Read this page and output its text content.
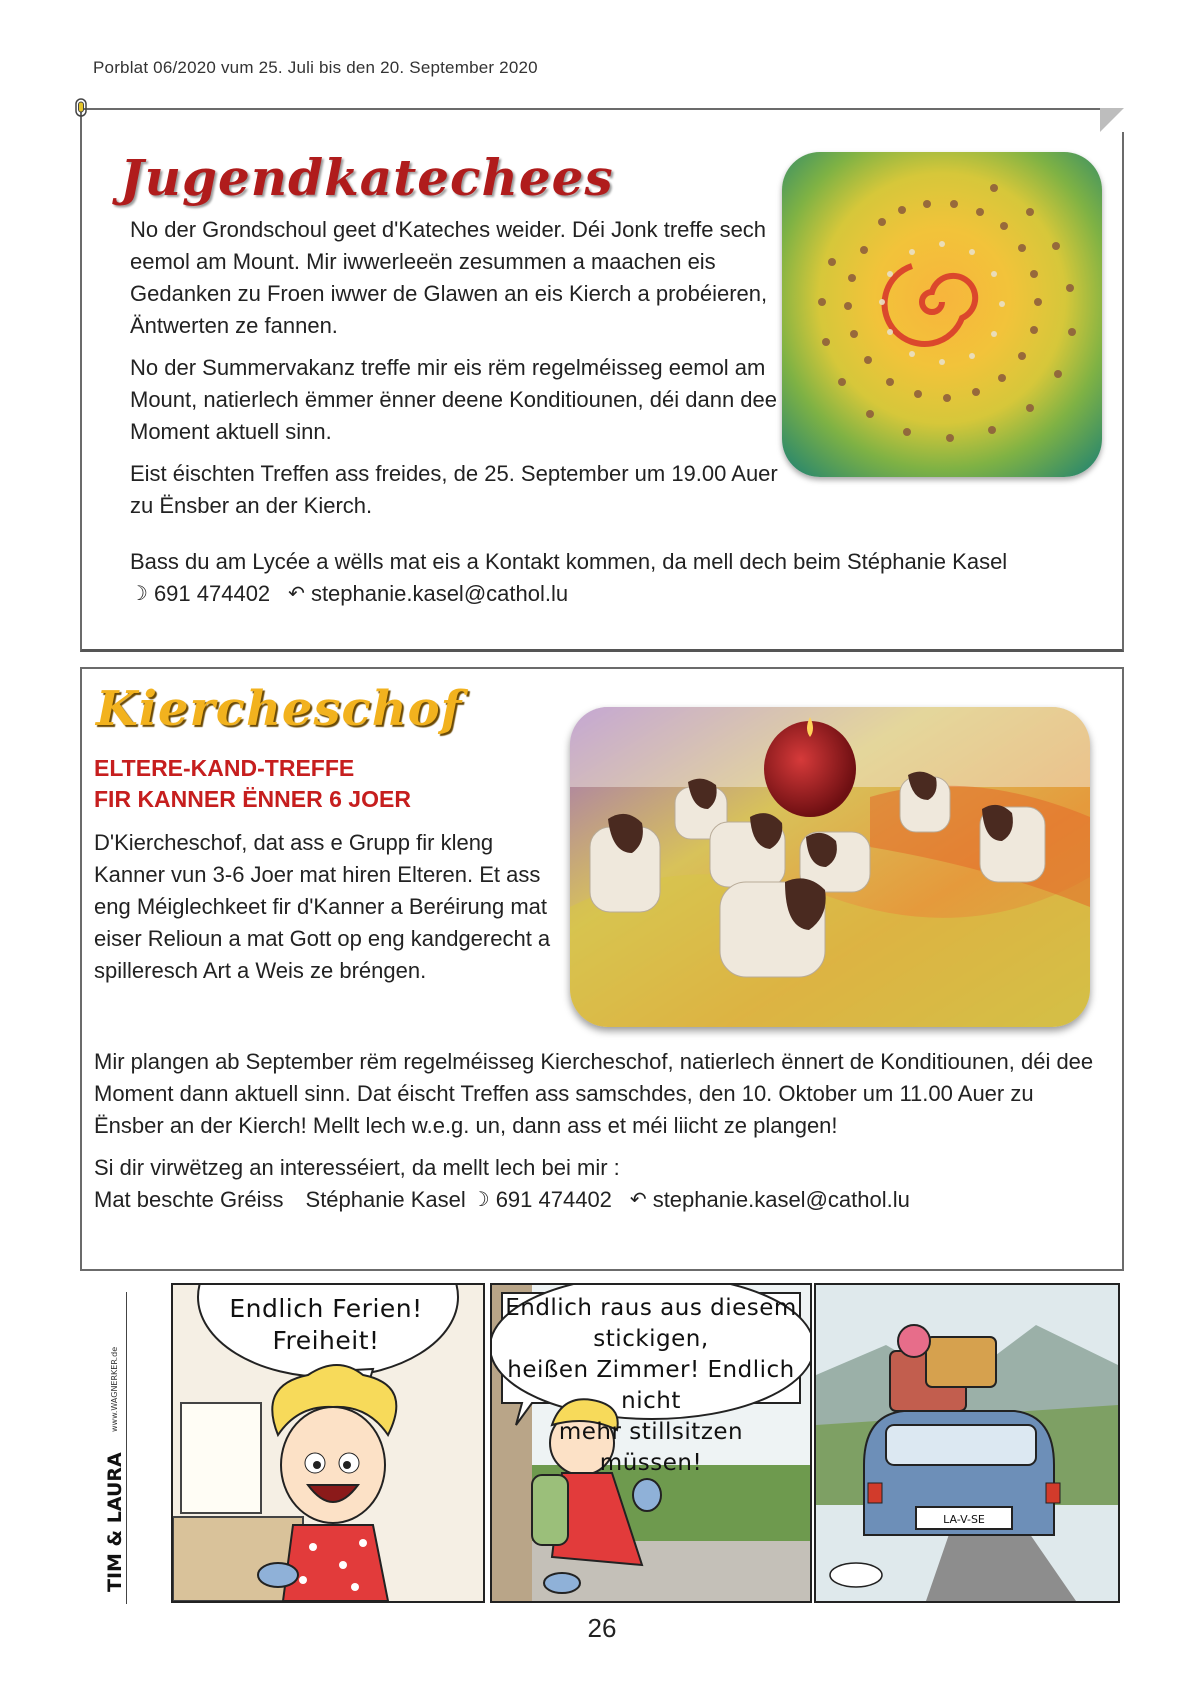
Porblat 06/2020 vum 25. Juli bis den 20. September 2020
Jugendkatechees

No der Grondschoul geet d'Kateches weider. Déi Jonk treffe sech eemol am Mount. Mir iwwerleeën zesummen a maachen eis Gedanken zu Froen iwwer de Glawen an eis Kierch a probéieren, Äntwerten ze fannen.

No der Summervakanz treffe mir eis rëm regelméisseg eemol am Mount, natierlech ëmmer ënner deene Konditiounen, déi dann dee Moment aktuell sinn.

Eist éischten Treffen ass freides, de 25. September um 19.00 Auer zu Ënsber an der Kierch.

Bass du am Lycée a wëlls mat eis a Kontakt kommen, da mell dech beim Stéphanie Kasel
☽ 691 474402 ↶ stephanie.kasel@cathol.lu
Kiercheschof
ELTERE-KAND-TREFFE
FIR KANNER ËNNER 6 JOER
D'Kiercheschof, dat ass e Grupp fir kleng Kanner vun 3-6 Joer mat hiren Elteren. Et ass eng Méiglechkeet fir d'Kanner a Beréirung mat eiser Relioun a mat Gott op eng kandgerecht a spilleresch Art a Weis ze bréngen.

Mir plangen ab September rëm regelméisseg Kiercheschof, natierlech ënnert de Konditiounen, déi dee Moment dann aktuell sinn. Dat éischt Treffen ass samschdes, den 10. Oktober um 11.00 Auer zu Ënsber an der Kierch! Mellt lech w.e.g. un, dann ass et méi liicht ze plangen!

Si dir virwëtzeg an interesséiert, da mellt lech bei mir :
Mat beschte Gréiss Stéphanie Kasel ☽ 691 474402 ↶ stephanie.kasel@cathol.lu
TIM & LAURA
www.WAGNERKER.de
Endlich Ferien!
Freiheit!
Endlich raus aus diesem stickigen,
heißen Zimmer! Endlich nicht
mehr stillsitzen
müssen!
LA-V-SE
26
